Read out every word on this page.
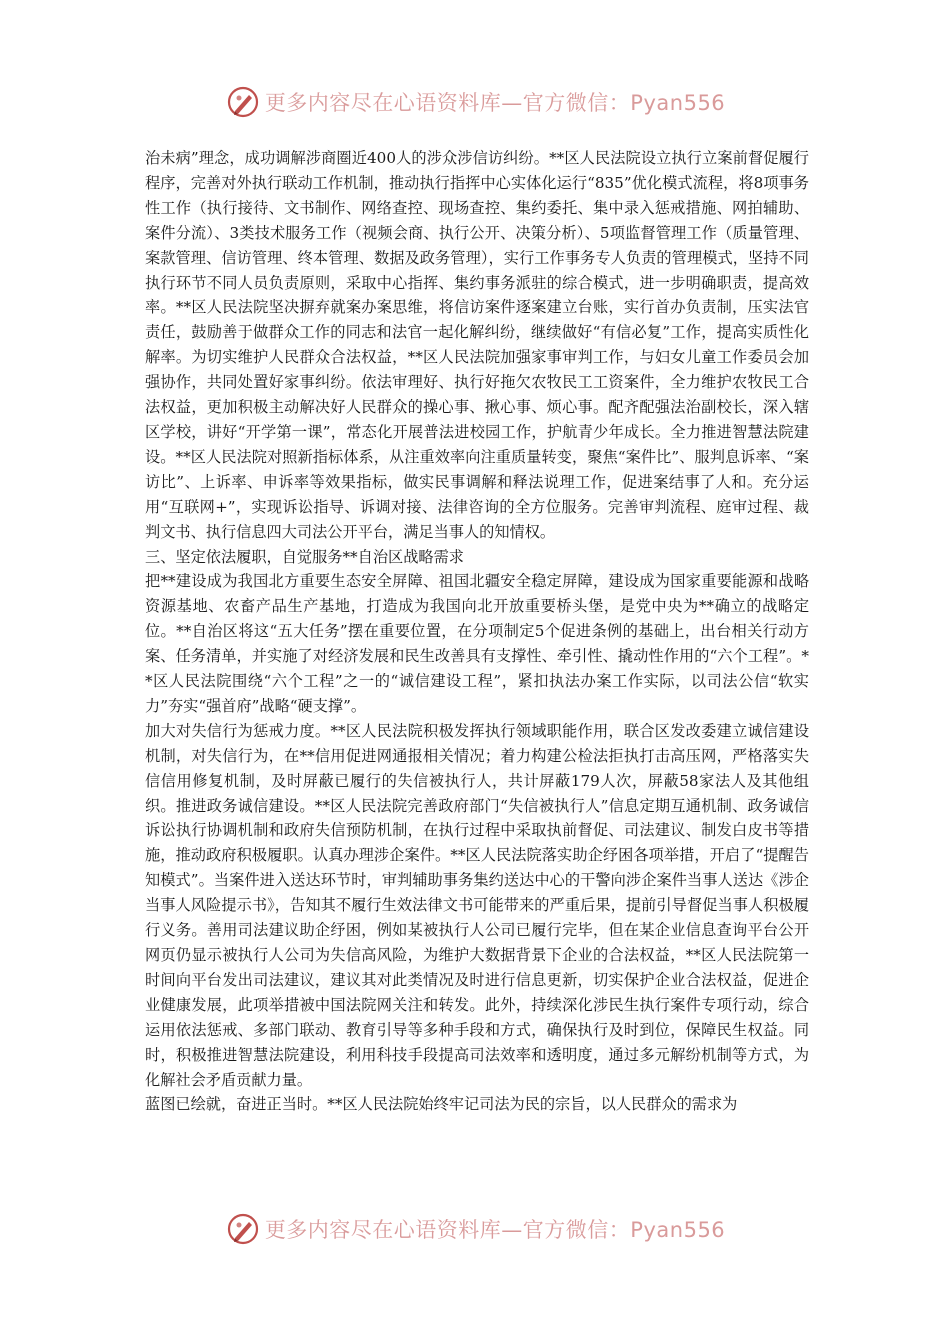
更多内容尽在心语资料库—官方微信：Pyan556

治未病”理念，成功调解涉商圈近400人的涉众涉信访纠纷。**区人民法院设立执行立案前督促履行程序，完善对外执行联动工作机制，推动执行指挥中心实体化运行“835”优化模式流程，将8项事务性工作（执行接待、文书制作、网络查控、现场查控、集约委托、集中录入惩戒措施、网拍辅助、案件分流）、3类技术服务工作（视频会商、执行公开、决策分析）、5项监督管理工作（质量管理、案款管理、信访管理、终本管理、数据及政务管理），实行工作事务专人负责的管理模式，坚持不同执行环节不同人员负责原则，采取中心指挥、集约事务派驻的综合模式，进一步明确职责，提高效率。**区人民法院坚决摒弃就案办案思维，将信访案件逐案建立台账，实行首办负责制，压实法官责任，鼓励善于做群众工作的同志和法官一起化解纠纷，继续做好“有信必复”工作，提高实质性化解率。为切实维护人民群众合法权益，**区人民法院加强家事审判工作，与妇女儿童工作委员会加强协作，共同处置好家事纠纷。依法审理好、执行好拖欠农牧民工工资案件，全力维护农牧民工合法权益，更加积极主动解决好人民群众的操心事、揪心事、烦心事。配齐配强法治副校长，深入辖区学校，讲好“开学第一课”，常态化开展普法进校园工作，护航青少年成长。全力推进智慧法院建设。**区人民法院对照新指标体系，从注重效率向注重质量转变，聚焦“案件比”、服判息诉率、“案访比”、上诉率、申诉率等效果指标，做实民事调解和释法说理工作，促进案结事了人和。充分运用“互联网+”，实现诉讼指导、诉调对接、法律咨询的全方位服务。完善审判流程、庭审过程、裁判文书、执行信息四大司法公开平台，满足当事人的知情权。

三、坚定依法履职，自觉服务**自治区战略需求

把**建设成为我国北方重要生态安全屏障、祖国北疆安全稳定屏障，建设成为国家重要能源和战略资源基地、农畜产品生产基地，打造成为我国向北开放重要桥头堡，是党中央为**确立的战略定位。**自治区将这“五大任务”摆在重要位置，在分项制定5个促进条例的基础上，出台相关行动方案、任务清单，并实施了对经济发展和民生改善具有支撑性、牵引性、撬动性作用的“六个工程”。**区人民法院围绕“六个工程”之一的“诚信建设工程”，紧扣执法办案工作实际，以司法公信“软实力”夯实“强首府”战略“硬支撑”。

加大对失信行为惩戒力度。**区人民法院积极发挥执行领域职能作用，联合区发改委建立诚信建设机制，对失信行为，在**信用促进网通报相关情况；着力构建公检法拒执打击高压网，严格落实失信信用修复机制，及时屏蔽已履行的失信被执行人，共计屏蔽179人次，屏蔽58家法人及其他组织。推进政务诚信建设。**区人民法院完善政府部门“失信被执行人”信息定期互通机制、政务诚信诉讼执行协调机制和政府失信预防机制，在执行过程中采取执前督促、司法建议、制发白皮书等措施，推动政府积极履职。认真办理涉企案件。**区人民法院落实助企纾困各项举措，开启了“提醒告知模式”。当案件进入送达环节时，审判辅助事务集约送达中心的干警向涉企案件当事人送达《涉企当事人风险提示书》，告知其不履行生效法律文书可能带来的严重后果，提前引导督促当事人积极履行义务。善用司法建议助企纾困，例如某被执行人公司已履行完毕，但在某企业信息查询平台公开网页仍显示被执行人公司为失信高风险，为维护大数据背景下企业的合法权益，**区人民法院第一时间向平台发出司法建议，建议其对此类情况及时进行信息更新，切实保护企业合法权益，促进企业健康发展，此项举措被中国法院网关注和转发。此外，持续深化涉民生执行案件专项行动，综合运用依法惩戒、多部门联动、教育引导等多种手段和方式，确保执行及时到位，保障民生权益。同时，积极推进智慧法院建设，利用科技手段提高司法效率和透明度，通过多元解纷机制等方式，为化解社会矛盾贡献力量。

蓝图已绘就，奋进正当时。**区人民法院始终牢记司法为民的宗旨，以人民群众的需求为

更多内容尽在心语资料库—官方微信：Pyan556
